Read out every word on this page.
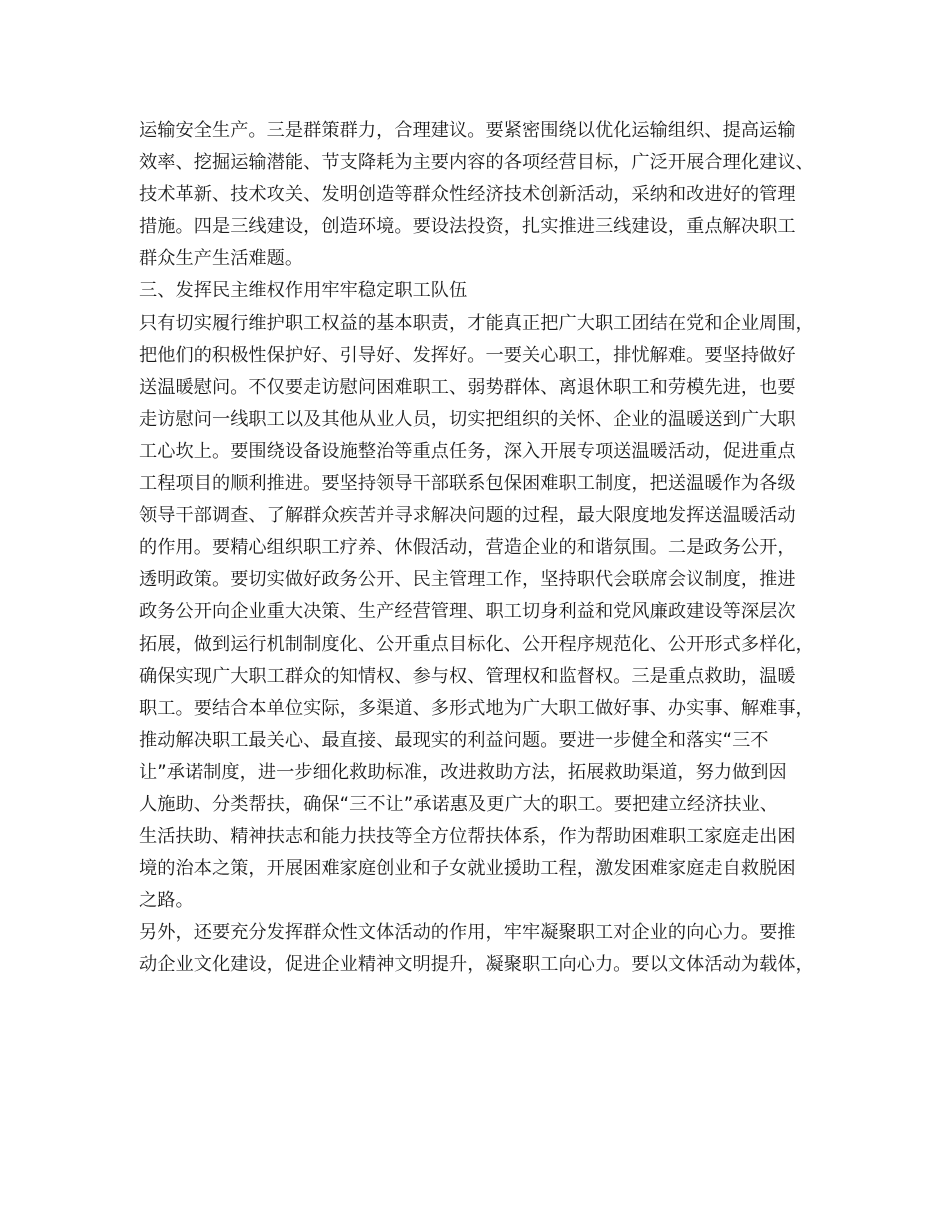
运输安全生产。三是群策群力，合理建议。要紧密围绕以优化运输组织、提高运输
效率、挖掘运输潜能、节支降耗为主要内容的各项经营目标，广泛开展合理化建议、
技术革新、技术攻关、发明创造等群众性经济技术创新活动，采纳和改进好的管理
措施。四是三线建设，创造环境。要设法投资，扎实推进三线建设，重点解决职工
群众生产生活难题。
三、发挥民主维权作用牢牢稳定职工队伍
只有切实履行维护职工权益的基本职责，才能真正把广大职工团结在党和企业周围，
把他们的积极性保护好、引导好、发挥好。一要关心职工，排忧解难。要坚持做好
送温暖慰问。不仅要走访慰问困难职工、弱势群体、离退休职工和劳模先进，也要
走访慰问一线职工以及其他从业人员，切实把组织的关怀、企业的温暖送到广大职
工心坎上。要围绕设备设施整治等重点任务，深入开展专项送温暖活动，促进重点
工程项目的顺利推进。要坚持领导干部联系包保困难职工制度，把送温暖作为各级
领导干部调查、了解群众疾苦并寻求解决问题的过程，最大限度地发挥送温暖活动
的作用。要精心组织职工疗养、休假活动，营造企业的和谐氛围。二是政务公开，
透明政策。要切实做好政务公开、民主管理工作，坚持职代会联席会议制度，推进
政务公开向企业重大决策、生产经营管理、职工切身利益和党风廉政建设等深层次
拓展，做到运行机制制度化、公开重点目标化、公开程序规范化、公开形式多样化，
确保实现广大职工群众的知情权、参与权、管理权和监督权。三是重点救助，温暖
职工。要结合本单位实际，多渠道、多形式地为广大职工做好事、办实事、解难事，
推动解决职工最关心、最直接、最现实的利益问题。要进一步健全和落实“三不
让”承诺制度，进一步细化救助标准，改进救助方法，拓展救助渠道，努力做到因
人施助、分类帮扶，确保“三不让”承诺惠及更广大的职工。要把建立经济扶业、
生活扶助、精神扶志和能力扶技等全方位帮扶体系，作为帮助困难职工家庭走出困
境的治本之策，开展困难家庭创业和子女就业援助工程，激发困难家庭走自救脱困
之路。
另外，还要充分发挥群众性文体活动的作用，牢牢凝聚职工对企业的向心力。要推
动企业文化建设，促进企业精神文明提升，凝聚职工向心力。要以文体活动为载体，
